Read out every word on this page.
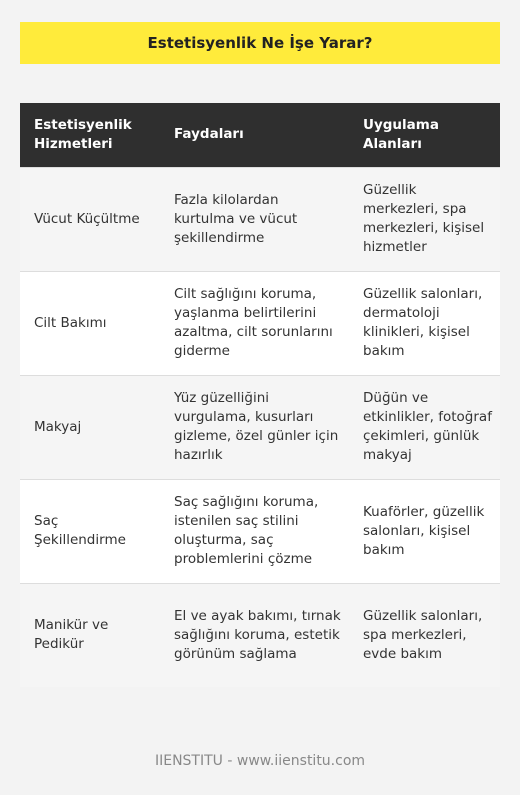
Estetisyenlik Ne İşe Yarar?
Estetisyenlik Hizmetleri	Faydaları	Uygulama Alanları
Vücut Küçültme	Fazla kilolardan kurtulma ve vücut şekillendirme	Güzellik merkezleri, spa merkezleri, kişisel hizmetler
Cilt Bakımı	Cilt sağlığını koruma, yaşlanma belirtilerini azaltma, cilt sorunlarını giderme	Güzellik salonları, dermatoloji klinikleri, kişisel bakım
Makyaj	Yüz güzelliğini vurgulama, kusurları gizleme, özel günler için hazırlık	Düğün ve etkinlikler, fotoğraf çekimleri, günlük makyaj
Saç Şekillendirme	Saç sağlığını koruma, istenilen saç stilini oluşturma, saç problemlerini çözme	Kuaförler, güzellik salonları, kişisel bakım
Manikür ve Pedikür	El ve ayak bakımı, tırnak sağlığını koruma, estetik görünüm sağlama	Güzellik salonları, spa merkezleri, evde bakım
IIENSTITU - www.iienstitu.com
